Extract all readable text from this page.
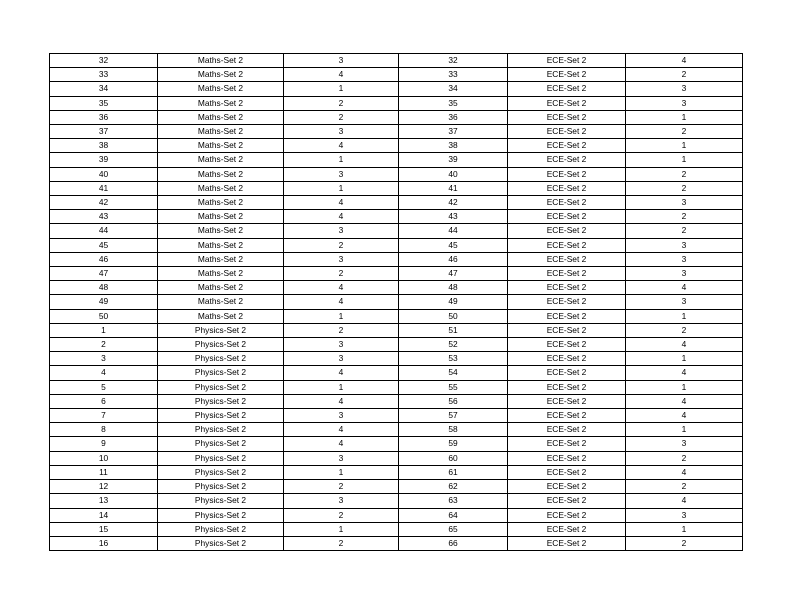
32	Maths-Set 2	3	32	ECE-Set 2	4
33	Maths-Set 2	4	33	ECE-Set 2	2
34	Maths-Set 2	1	34	ECE-Set 2	3
35	Maths-Set 2	2	35	ECE-Set 2	3
36	Maths-Set 2	2	36	ECE-Set 2	1
37	Maths-Set 2	3	37	ECE-Set 2	2
38	Maths-Set 2	4	38	ECE-Set 2	1
39	Maths-Set 2	1	39	ECE-Set 2	1
40	Maths-Set 2	3	40	ECE-Set 2	2
41	Maths-Set 2	1	41	ECE-Set 2	2
42	Maths-Set 2	4	42	ECE-Set 2	3
43	Maths-Set 2	4	43	ECE-Set 2	2
44	Maths-Set 2	3	44	ECE-Set 2	2
45	Maths-Set 2	2	45	ECE-Set 2	3
46	Maths-Set 2	3	46	ECE-Set 2	3
47	Maths-Set 2	2	47	ECE-Set 2	3
48	Maths-Set 2	4	48	ECE-Set 2	4
49	Maths-Set 2	4	49	ECE-Set 2	3
50	Maths-Set 2	1	50	ECE-Set 2	1
1	Physics-Set 2	2	51	ECE-Set 2	2
2	Physics-Set 2	3	52	ECE-Set 2	4
3	Physics-Set 2	3	53	ECE-Set 2	1
4	Physics-Set 2	4	54	ECE-Set 2	4
5	Physics-Set 2	1	55	ECE-Set 2	1
6	Physics-Set 2	4	56	ECE-Set 2	4
7	Physics-Set 2	3	57	ECE-Set 2	4
8	Physics-Set 2	4	58	ECE-Set 2	1
9	Physics-Set 2	4	59	ECE-Set 2	3
10	Physics-Set 2	3	60	ECE-Set 2	2
11	Physics-Set 2	1	61	ECE-Set 2	4
12	Physics-Set 2	2	62	ECE-Set 2	2
13	Physics-Set 2	3	63	ECE-Set 2	4
14	Physics-Set 2	2	64	ECE-Set 2	3
15	Physics-Set 2	1	65	ECE-Set 2	1
16	Physics-Set 2	2	66	ECE-Set 2	2
